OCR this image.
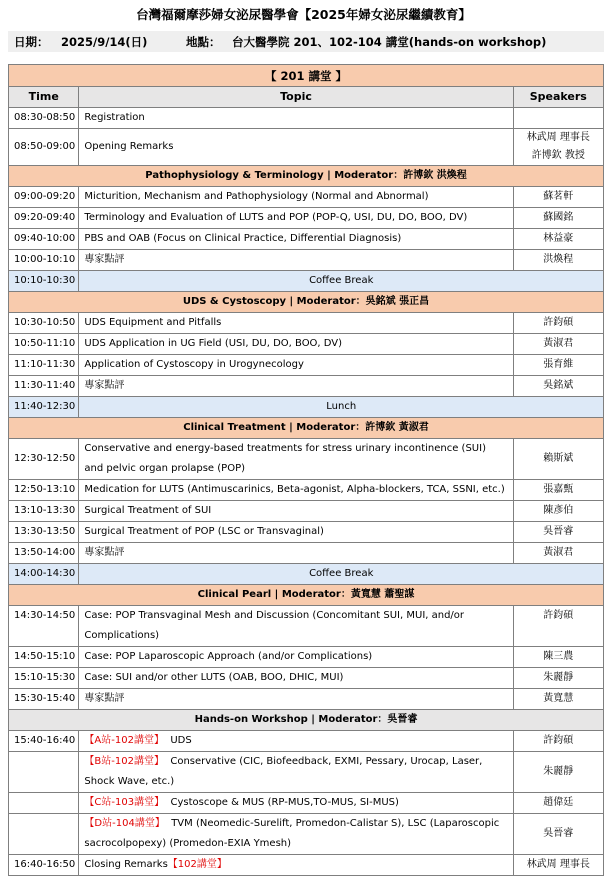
台灣福爾摩莎婦女泌尿醫學會【2025年婦女泌尿繼續教育】
日期： 2025/9/14(日)	地點： 台大醫學院 201、102-104 講堂(hands-on workshop)
【 201 講堂 】		
Time	Topic	Speakers
08:30-08:50	Registration	
08:50-09:00	Opening Remarks	林武周 理事長
許博欽 教授

Pathophysiology & Terminology | Moderator：許博欽 洪煥程		
09:00-09:20	Micturition, Mechanism and Pathophysiology (Normal and Abnormal)	蘇茗軒
09:20-09:40	Terminology and Evaluation of LUTS and POP (POP-Q, USI, DU, DO, BOO, DV)	蘇國銘
09:40-10:00	PBS and OAB (Focus on Clinical Practice, Differential Diagnosis)	林益豪
10:00-10:10	專家點評	洪煥程
10:10-10:30	Coffee Break	
UDS & Cystoscopy | Moderator：吳銘斌 張正昌		
10:30-10:50	UDS Equipment and Pitfalls	許鈞碩
10:50-11:10	UDS Application in UG Field (USI, DU, DO, BOO, DV)	黃淑君
11:10-11:30	Application of Cystoscopy in Urogynecology	張育維
11:30-11:40	專家點評	吳銘斌
11:40-12:30	Lunch	
Clinical Treatment | Moderator：許博欽 黃淑君		
12:30-12:50	Conservative and energy-based treatments for stress urinary incontinence (SUI) and pelvic organ prolapse (POP)	賴斯斌
12:50-13:10	Medication for LUTS (Antimuscarinics, Beta-agonist, Alpha-blockers, TCA, SSNI, etc.)	張嘉甄
13:10-13:30	Surgical Treatment of SUI	陳彥伯
13:30-13:50	Surgical Treatment of POP (LSC or Transvaginal)	吳晉睿
13:50-14:00	專家點評	黃淑君
14:00-14:30	Coffee Break	
Clinical Pearl | Moderator：黃寬慧 蕭聖謀		
14:30-14:50	Case: POP Transvaginal Mesh and Discussion (Concomitant SUI, MUI, and/or Complications)	許鈞碩
14:50-15:10	Case: POP Laparoscopic Approach (and/or Complications)	陳三農
15:10-15:30	Case: SUI and/or other LUTS (OAB, BOO, DHIC, MUI)	朱麗靜
15:30-15:40	專家點評	黃寬慧
Hands-on Workshop | Moderator：吳晉睿		
15:40-16:40	【A站-102講堂】 UDS	許鈞碩
	【B站-102講堂】 Conservative (CIC, Biofeedback, EXMI, Pessary, Urocap, Laser, Shock Wave, etc.)	朱麗靜
	【C站-103講堂】 Cystoscope & MUS (RP-MUS,TO-MUS, SI-MUS)	趙偉廷
	【D站-104講堂】 TVM (Neomedic-Surelift, Promedon-Calistar S), LSC (Laparoscopic sacrocolpopexy) (Promedon-EXIA Ymesh)	吳晉睿
16:40-16:50	Closing Remarks【102講堂】	林武周 理事長
